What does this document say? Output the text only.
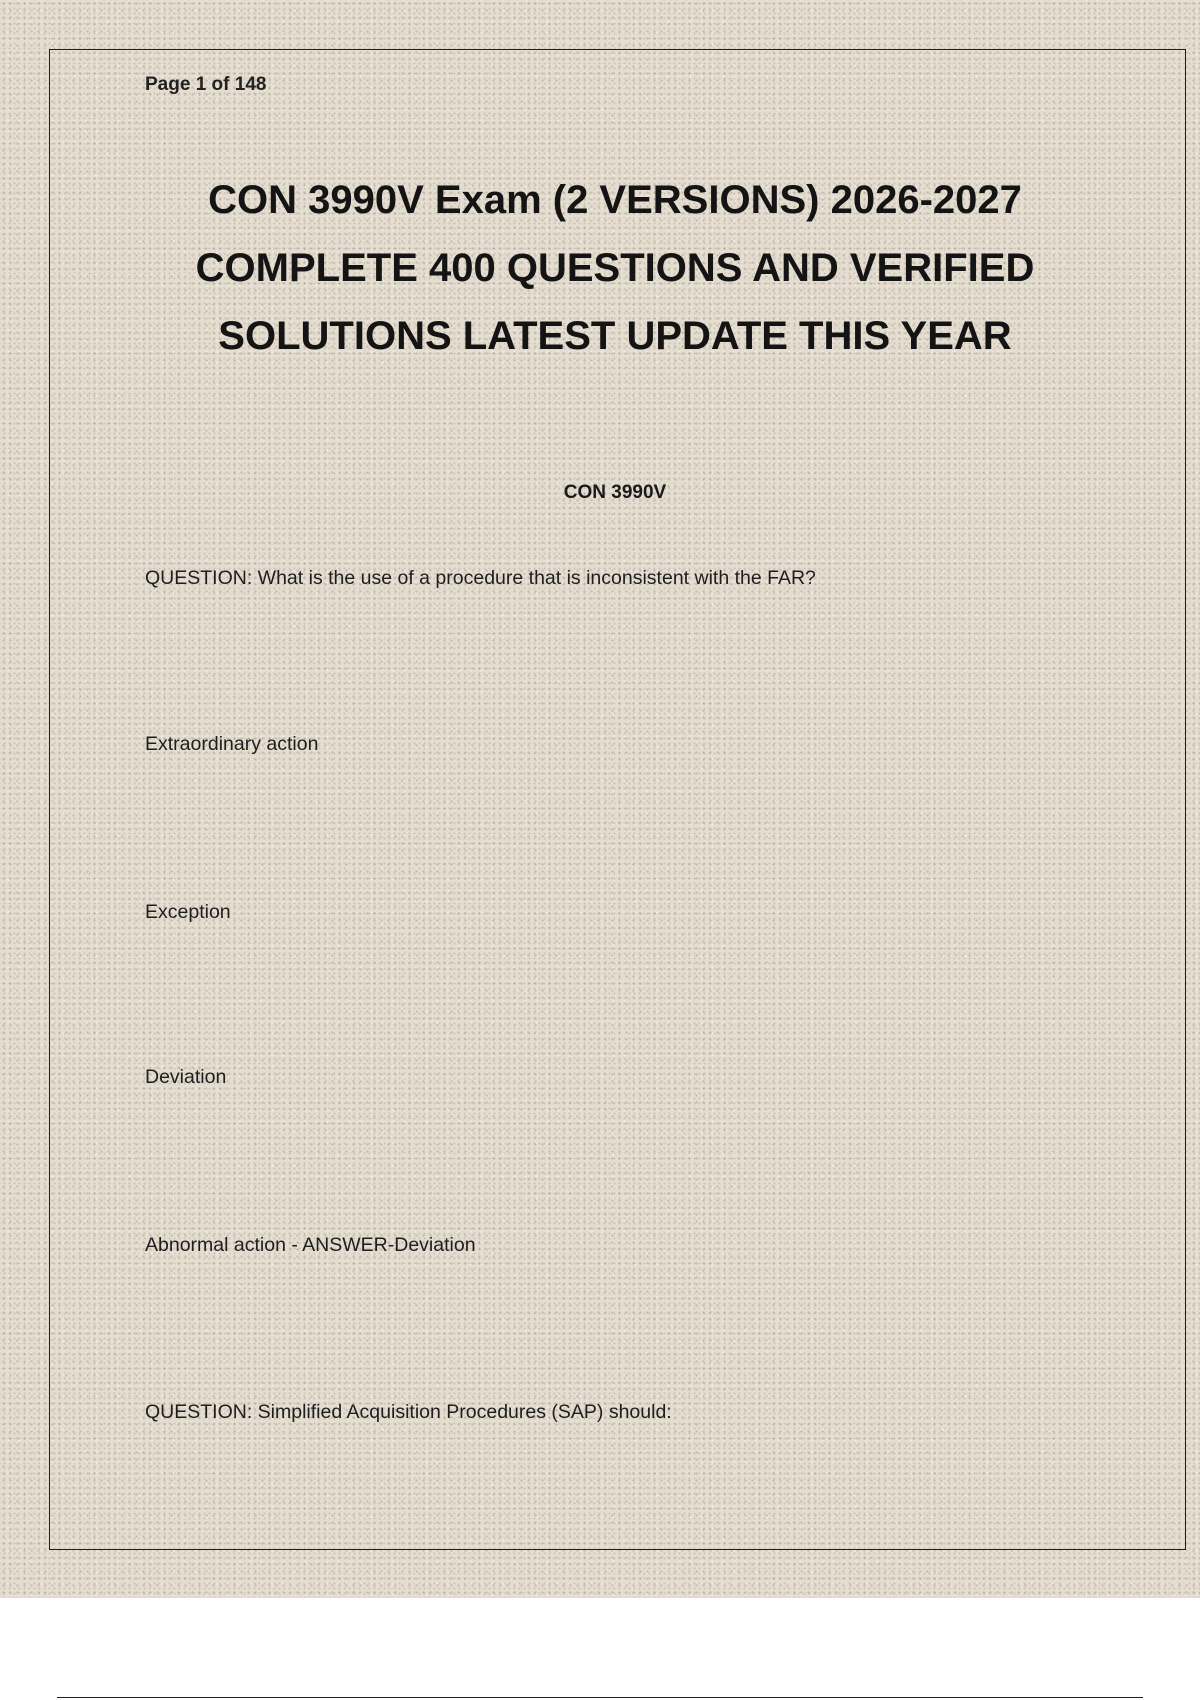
Page 1 of 148
CON 3990V Exam (2 VERSIONS) 2026-2027
COMPLETE 400 QUESTIONS AND VERIFIED
SOLUTIONS LATEST UPDATE THIS YEAR
CON 3990V
QUESTION: What is the use of a procedure that is inconsistent with the FAR?
Extraordinary action
Exception
Deviation
Abnormal action - ANSWER-Deviation
QUESTION: Simplified Acquisition Procedures (SAP) should:
